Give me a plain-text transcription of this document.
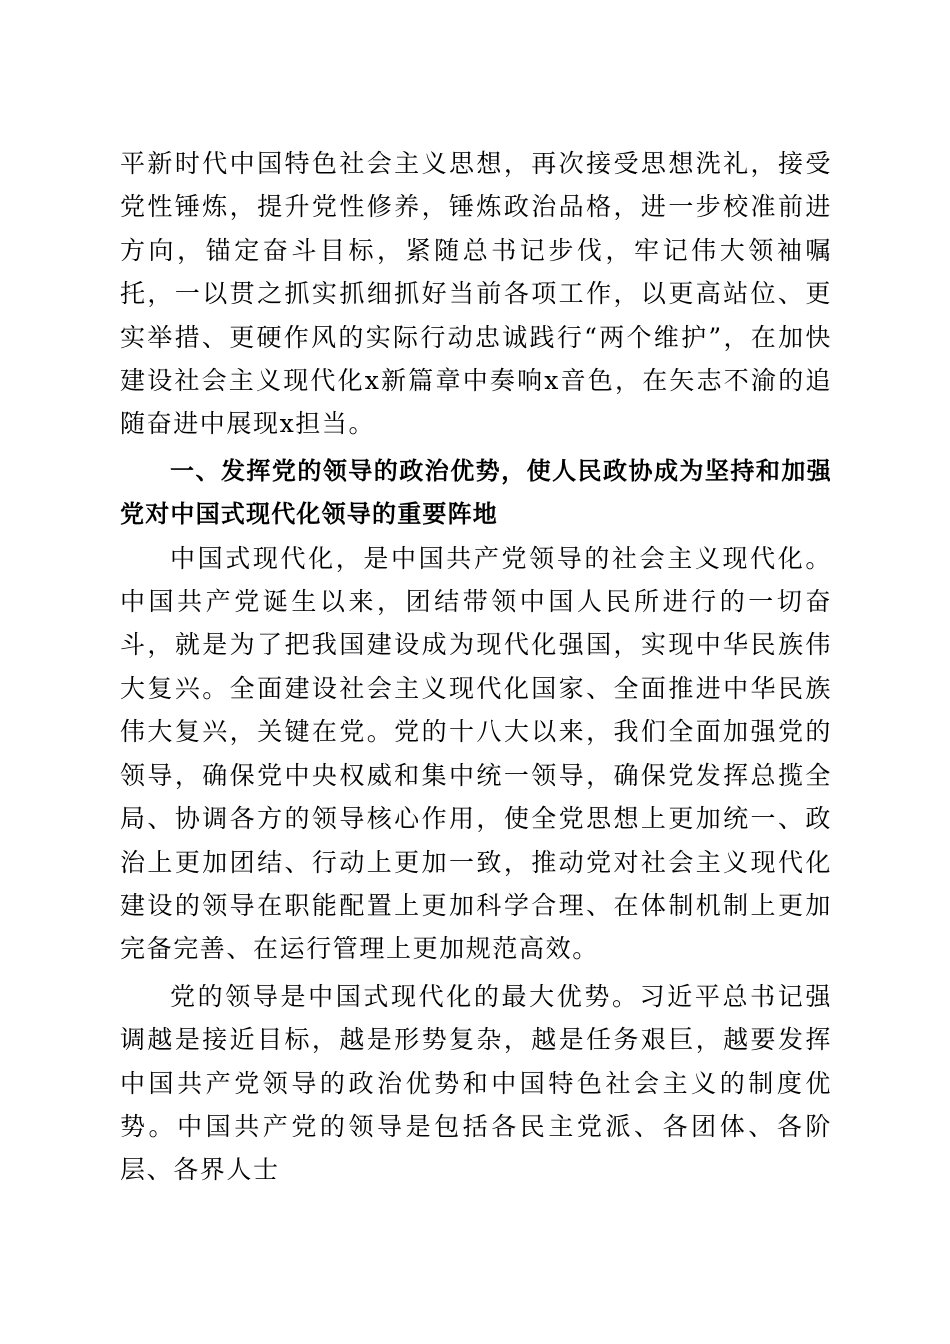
平新时代中国特色社会主义思想，再次接受思想洗礼，接受党性锤炼，提升党性修养，锤炼政治品格，进一步校准前进方向，锚定奋斗目标，紧随总书记步伐，牢记伟大领袖嘱托，一以贯之抓实抓细抓好当前各项工作，以更高站位、更实举措、更硬作风的实际行动忠诚践行“两个维护”，在加快建设社会主义现代化x新篇章中奏响x音色，在矢志不渝的追随奋进中展现x担当。

一、发挥党的领导的政治优势，使人民政协成为坚持和加强党对中国式现代化领导的重要阵地

中国式现代化，是中国共产党领导的社会主义现代化。中国共产党诞生以来，团结带领中国人民所进行的一切奋斗，就是为了把我国建设成为现代化强国，实现中华民族伟大复兴。全面建设社会主义现代化国家、全面推进中华民族伟大复兴，关键在党。党的十八大以来，我们全面加强党的领导，确保党中央权威和集中统一领导，确保党发挥总揽全局、协调各方的领导核心作用，使全党思想上更加统一、政治上更加团结、行动上更加一致，推动党对社会主义现代化建设的领导在职能配置上更加科学合理、在体制机制上更加完备完善、在运行管理上更加规范高效。

党的领导是中国式现代化的最大优势。习近平总书记强调越是接近目标，越是形势复杂，越是任务艰巨，越要发挥中国共产党领导的政治优势和中国特色社会主义的制度优势。中国共产党的领导是包括各民主党派、各团体、各阶层、各界人士
